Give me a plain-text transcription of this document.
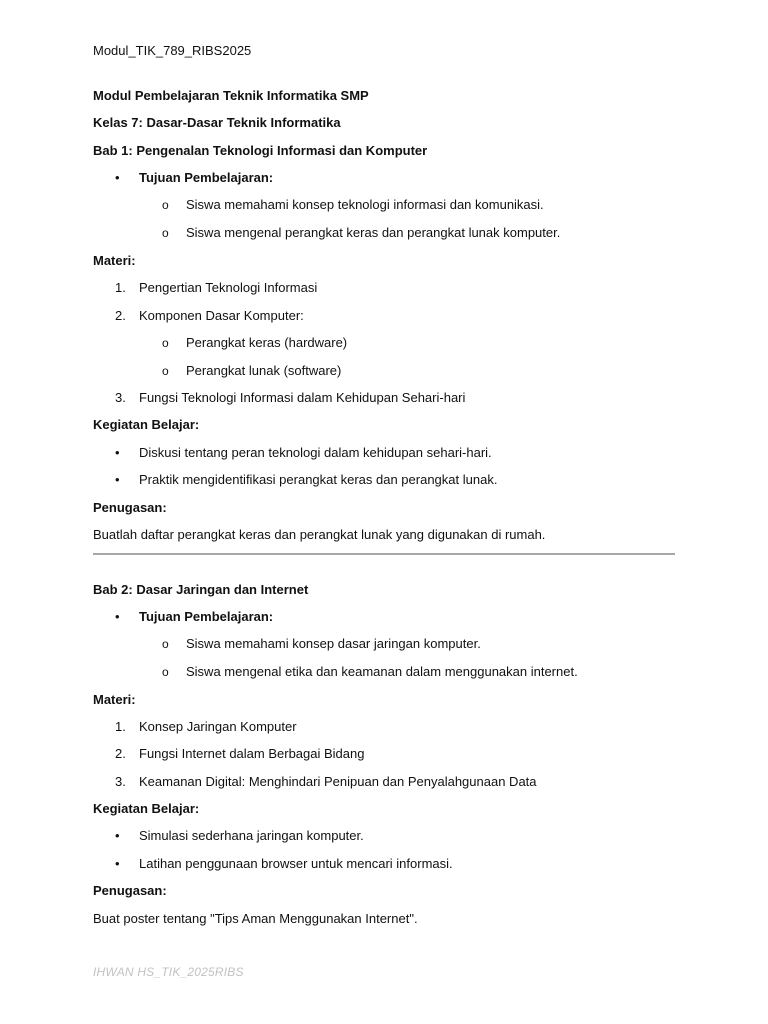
Modul_TIK_789_RIBS2025
Modul Pembelajaran Teknik Informatika SMP
Kelas 7: Dasar-Dasar Teknik Informatika
Bab 1: Pengenalan Teknologi Informasi dan Komputer
• Tujuan Pembelajaran:
o Siswa memahami konsep teknologi informasi dan komunikasi.
o Siswa mengenal perangkat keras dan perangkat lunak komputer.
Materi:
1. Pengertian Teknologi Informasi
2. Komponen Dasar Komputer:
o Perangkat keras (hardware)
o Perangkat lunak (software)
3. Fungsi Teknologi Informasi dalam Kehidupan Sehari-hari
Kegiatan Belajar:
• Diskusi tentang peran teknologi dalam kehidupan sehari-hari.
• Praktik mengidentifikasi perangkat keras dan perangkat lunak.
Penugasan:
Buatlah daftar perangkat keras dan perangkat lunak yang digunakan di rumah.
Bab 2: Dasar Jaringan dan Internet
• Tujuan Pembelajaran:
o Siswa memahami konsep dasar jaringan komputer.
o Siswa mengenal etika dan keamanan dalam menggunakan internet.
Materi:
1. Konsep Jaringan Komputer
2. Fungsi Internet dalam Berbagai Bidang
3. Keamanan Digital: Menghindari Penipuan dan Penyalahgunaan Data
Kegiatan Belajar:
• Simulasi sederhana jaringan komputer.
• Latihan penggunaan browser untuk mencari informasi.
Penugasan:
Buat poster tentang "Tips Aman Menggunakan Internet".
IHWAN HS_TIK_2025RIBS
